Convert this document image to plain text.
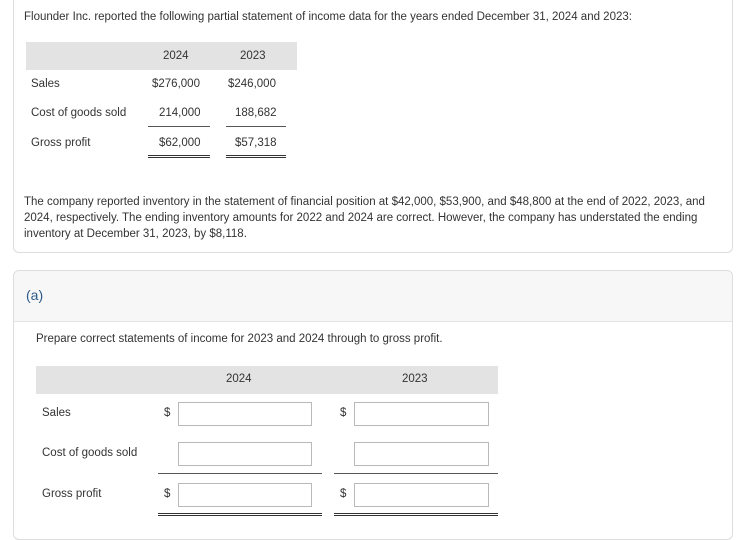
Flounder Inc. reported the following partial statement of income data for the years ended December 31, 2024 and 2023:
2024	2023
Sales	$276,000 $246,000
Cost of goods sold	214,000	188,682
Gross profit	$62,000	$57,318
The company reported inventory in the statement of financial position at $42,000, $53,900, and $48,800 at the end of 2022, 2023, and 2024, respectively. The ending inventory amounts for 2022 and 2024 are correct. However, the company has understated the ending inventory at December 31, 2023, by $8,118.
(a)
Prepare correct statements of income for 2023 and 2024 through to gross profit.
2024	2023
Sales	$	$
Cost of goods sold
Gross profit	$	$
